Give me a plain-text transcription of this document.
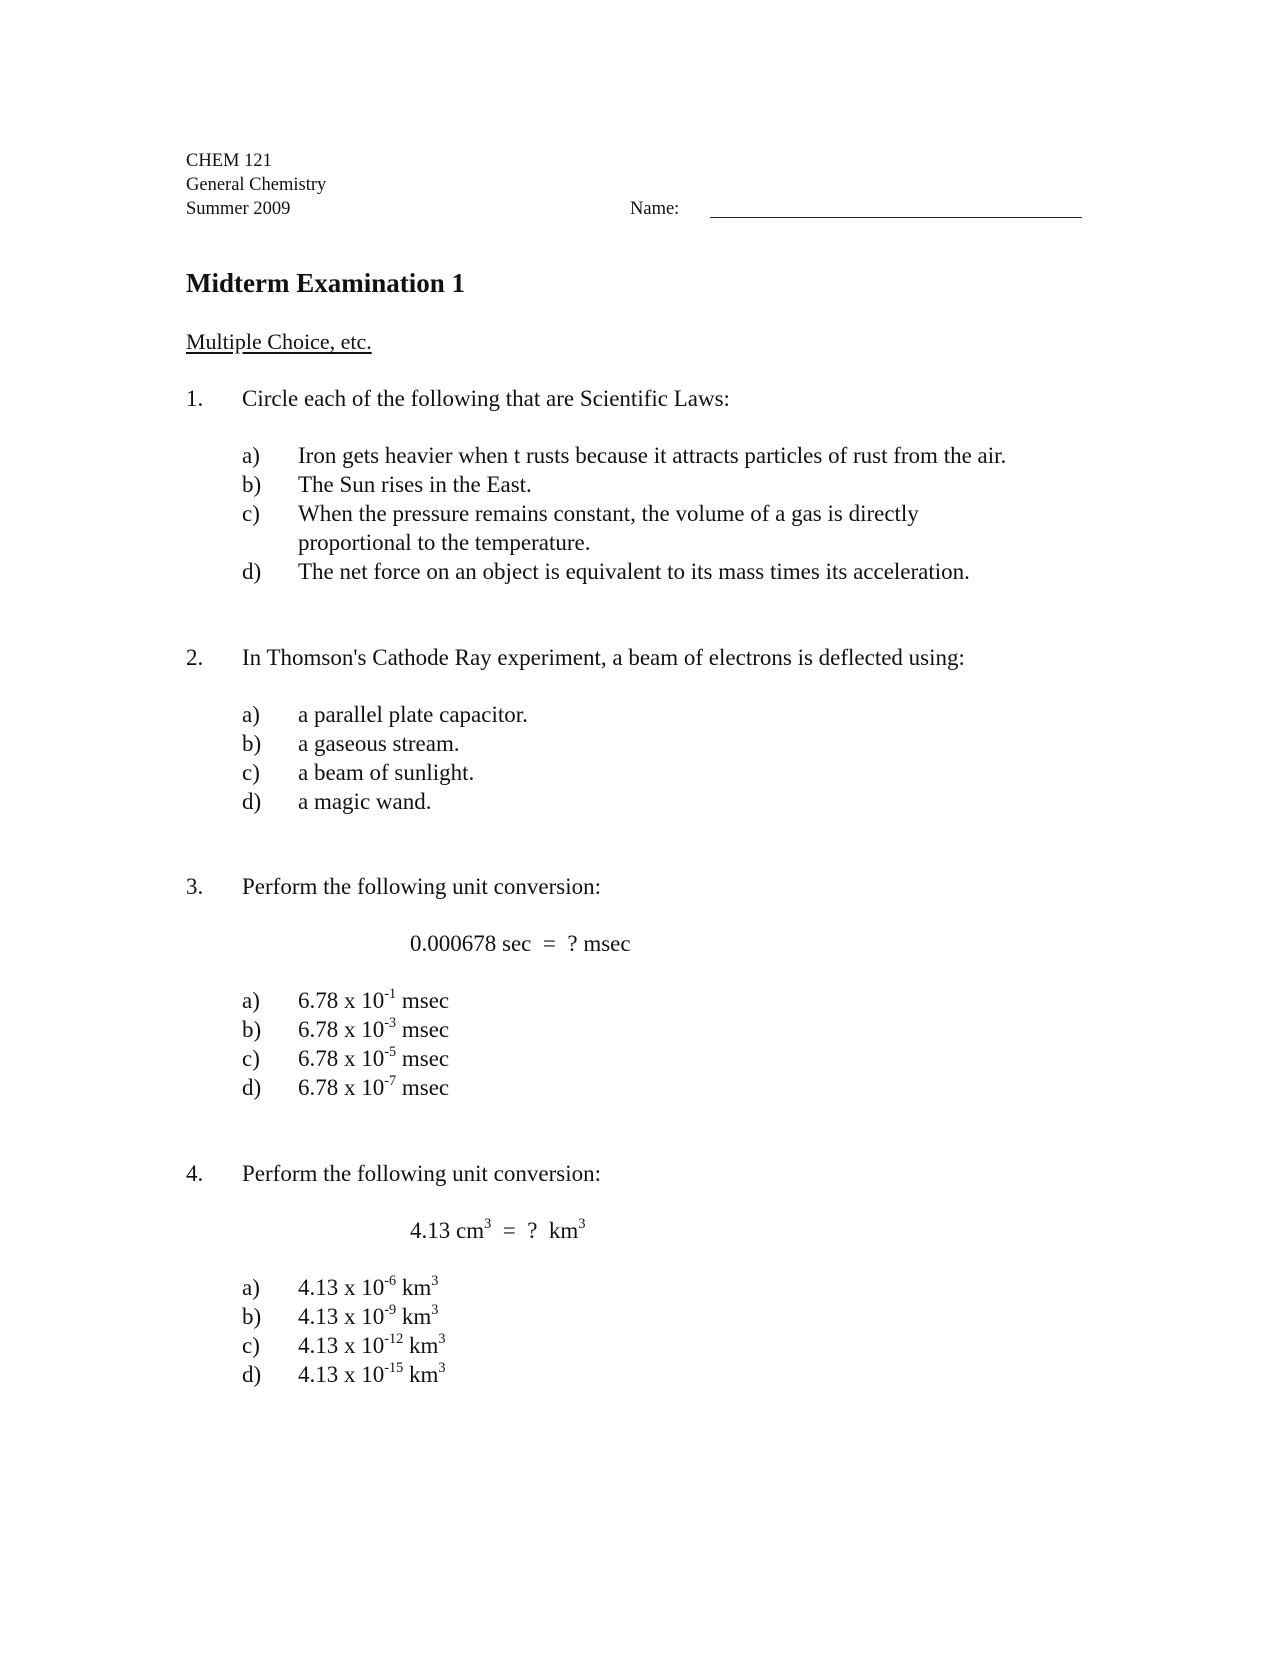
CHEM 121
General Chemistry
Summer 2009	Name:
Midterm Examination 1
Multiple Choice, etc.
1. Circle each of the following that are Scientific Laws:
a) Iron gets heavier when t rusts because it attracts particles of rust from the air.
b) The Sun rises in the East.
c) When the pressure remains constant, the volume of a gas is directly
proportional to the temperature.
d) The net force on an object is equivalent to its mass times its acceleration.
2. In Thomson's Cathode Ray experiment, a beam of electrons is deflected using:
a) a parallel plate capacitor.
b) a gaseous stream.
c) a beam of sunlight.
d) a magic wand.
3. Perform the following unit conversion:
0.000678 sec = ? msec
a) 6.78 x $10^{-1}$ msec
b) 6.78 x $10^{-3}$ msec
c) 6.78 x $10^{-5}$ msec
d) 6.78 x $10^{-7}$ msec
4. Perform the following unit conversion:
4.13 $cm^3$ = ?  $km^3$
a) 4.13 x $10^{-6}$ $km^3$
b) 4.13 x $10^{-9}$ $km^3$
c) 4.13 x $10^{-12}$ $km^3$
d) 4.13 x $10^{-15}$ $km^3$
